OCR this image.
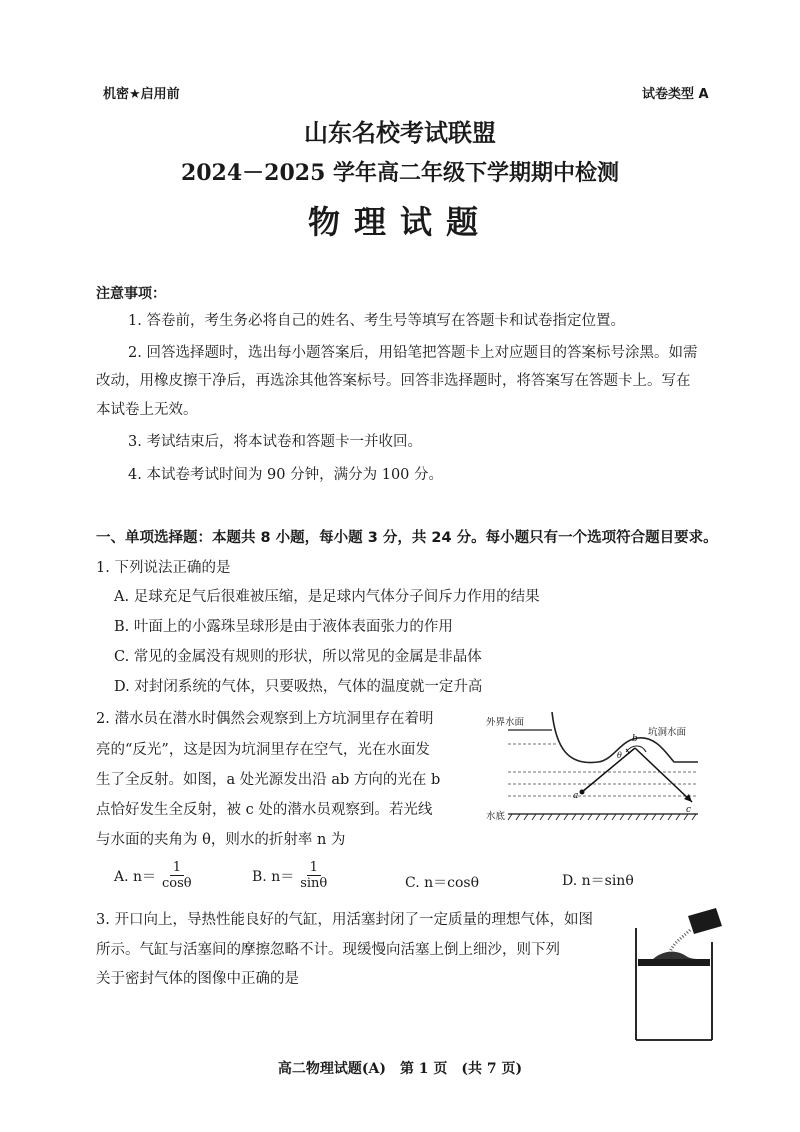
机密★启用前	试卷类型 A
山东名校考试联盟
2024－2025 学年高二年级下学期期中检测
物理试题
注意事项：
1. 答卷前，考生务必将自己的姓名、考生号等填写在答题卡和试卷指定位置。
2. 回答选择题时，选出每小题答案后，用铅笔把答题卡上对应题目的答案标号涂黑。如需
改动，用橡皮擦干净后，再选涂其他答案标号。回答非选择题时，将答案写在答题卡上。写在
本试卷上无效。
3. 考试结束后，将本试卷和答题卡一并收回。
4. 本试卷考试时间为 90 分钟，满分为 100 分。
一、单项选择题：本题共 8 小题，每小题 3 分，共 24 分。每小题只有一个选项符合题目要求。
1. 下列说法正确的是
A. 足球充足气后很难被压缩，是足球内气体分子间斥力作用的结果
B. 叶面上的小露珠呈球形是由于液体表面张力的作用
C. 常见的金属没有规则的形状，所以常见的金属是非晶体
D. 对封闭系统的气体，只要吸热，气体的温度就一定升高
2. 潜水员在潜水时偶然会观察到上方坑洞里存在着明
亮的“反光”，这是因为坑洞里存在空气，光在水面发
生了全反射。如图，a 处光源发出沿 ab 方向的光在 b
点恰好发生全反射，被 c 处的潜水员观察到。若光线
与水面的夹角为 θ，则水的折射率 n 为
A. $n= \frac{1}{\cos\theta}$	B. $n= \frac{1}{\sin\theta}$	C. n＝cosθ	D. n＝sinθ
外界水面
坑洞水面
水底
a
b
c
θ
3. 开口向上，导热性能良好的气缸，用活塞封闭了一定质量的理想气体，如图
所示。气缸与活塞间的摩擦忽略不计。现缓慢向活塞上倒上细沙，则下列
关于密封气体的图像中正确的是
高二物理试题(A)　第 1 页　(共 7 页)
